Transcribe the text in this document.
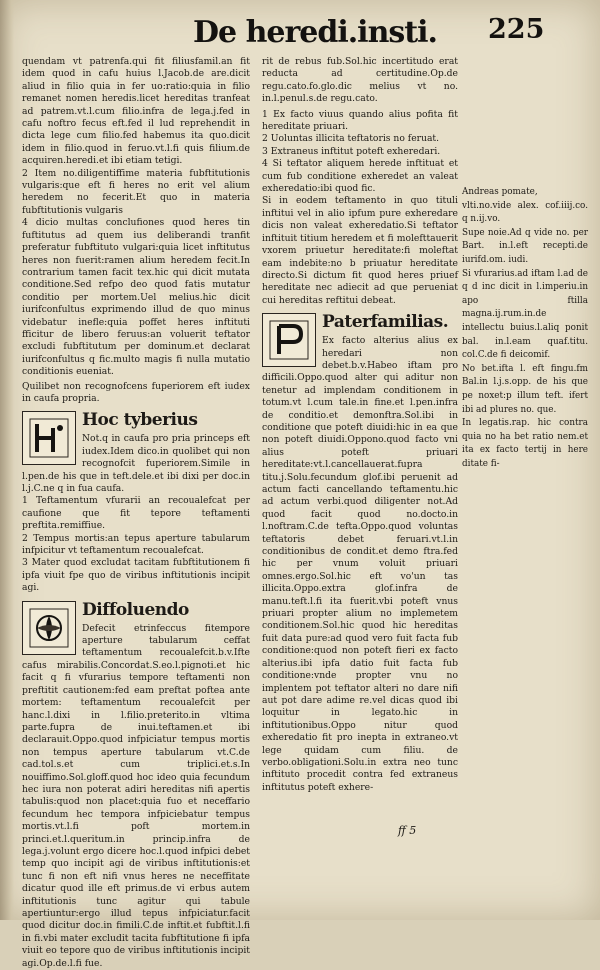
De heredi.insti. 225

quendam vt patrenfa.qui fit filiusfamil.an fit idem quod in cafu huius l.Jacob.de are.dicit aliud in filio quia in fer uo:ratio:quia in filio remanet nomen heredis.licet hereditas tranfeat ad patrem.vt.l.cum filio.infra de lega.j.fed in cafu noftro fecus eft.fed il lud reprehendit in dicta lege cum filio.fed habemus ita quo.dicit idem in filio.quod in feruo.vt.l.fi quis filium.de acquiren.heredi.et ibi etiam tetigi.

2 Item no.diligentiffime materia fubftitutionis vulgaris:que eft fi heres no erit vel alium heredem no fecerit.Et quo in materia fubftitutionis vulgaris

4 dicio multas conclufiones quod heres tin fuftitutus ad quem ius deliberandi tranfit preferatur fubftituto vulgari:quia licet inftitutus heres non fuerit:ramen alium heredem fecit.In contrarium tamen facit tex.hic qui dicit mutata conditione.Sed refpo deo quod fatis mutatur conditio per mortem.Uel melius.hic dicit iurifconfultus exprimendo illud de quo minus videbatur inefle:quia poffet heres inftituti fficitur de libero feruus:an voluerit teftator excludi fubftitutum per dominum.et declarat iurifconfultus q fic.multo magis fi nulla mutatio conditionis eueniat.

Quilibet non recognofcens fuperiorem eft iudex in caufa propria.

Hoc tyberius

Not.q in caufa pro pria princeps eft iudex.Idem dico.in quolibet qui non recognofcit fuperiorem.Simile in l.pen.de his que in teft.dele.et ibi dixi per doc.in l.j.C.ne q in fua caufa.

1 Teftamentum vfurarii an recoualefcat per caufione que fit tepore teftamenti preftita.remiffiue.

2 Tempus mortis:an tepus aperture tabularum infpicitur vt teftamentum recoualefcat.

3 Mater quod excludat tacitam fubftitutionem fi ipfa viuit fpe quo de viribus inftitutionis incipit agi.

Diffoluendo

Defecit etrinfeccus fitempore aperture tabularum ceffat teftamentum recoualefcit.b.v.Ifte cafus mirabilis.Concordat.S.eo.l.pignoti.et hic facit q fi vfurarius tempore teftamenti non preftitit cautionem:fed eam preftat poftea ante mortem: teftamentum recoualefcit per hanc.l.dixi in l.filio.preterito.in vltima parte.fupra de inui.teftamen.et ibi declarauit.Oppo.quod infpiciatur tempus mortis non tempus aperture tabularum vt.C.de cad.tol.s.et cum triplici.et.s.In nouiffimo.Sol.gloff.quod hoc ideo quia fecundum hec iura non poterat adiri hereditas nifi apertis tabulis:quod non placet:quia fuo et neceffario fecundum hec tempora infpiciebatur tempus mortis.vt.l.fi poft mortem.in princi.et.l.queritum.in princip.infra de lega.j.volunt ergo dicere hoc.l.quod infpici debet temp quo incipit agi de viribus inftitutionis:et tunc fi non eft nifi vnus heres ne neceffitate dicatur quod ille eft primus.de vi erbus autem inftitutionis tunc agitur qui tabule apertiuntur:ergo illud tepus infpiciatur.facit quod dicitur doc.in fimili.C.de inftit.et fubftit.l.fi in fi.vbi mater excludit tacita fubftitutione fi ipfa viuit eo tepore quo de viribus inftitutionis incipit agi.Op.de.l.fi fue.

rit de rebus fub.Sol.hic incertitudo erat reducta ad certitudine.Op.de regu.cato.fo.glo.dic melius vt no. in.l.penul.s.de regu.cato.

1 Ex facto viuus quando alius pofita fit hereditate priuari.

2 Uoluntas illicita teftatoris no feruat.

3 Extraneus inftitut poteft exheredari.

4 Si teftator aliquem herede inftituat et cum fub conditione exheredet an valeat exheredatio:ibi quod fic.

Si in eodem teftamento in quo tituli inftitui vel in alio ipfum pure exheredare dicis non valeat exheredatio.Si teftator inftituit titium heredem et fi molefttauerit vxorem priuetur hereditate:fi moleftat eam indebite:no b priuatur hereditate directo.Si dictum fit quod heres priuef hereditate nec adiecit ad que perueniat cui hereditas reftitui debeat.

Paterfamilias.

Ex facto alterius alius ex heredari non debet.b.v.Habeo iftam pro difficili.Oppo.quod alter qui aditur non tenetur ad implendam conditionem in totum.vt l.cum tale.in fine.et l.pen.infra de conditio.et demonftra.Sol.ibi in conditione que poteft diuidi:hic in ea que non poteft diuidi.Oppono.quod facto vni alius poteft priuari hereditate:vt.l.cancellauerat.fupra titu.j.Solu.fecundum glof.ibi peruenit ad actum facti cancellando teftamentu.hic ad actum verbi.quod diligenter not.Ad quod facit quod no.docto.in l.noftram.C.de tefta.Oppo.quod voluntas teftatoris debet feruari.vt.l.in conditionibus de condit.et demo ftra.fed hic per vnum voluit priuari omnes.ergo.Sol.hic eft vo'un tas illicita.Oppo.extra glof.infra de manu.teft.l.fi ita fuerit.vbi poteft vnus priuari propter alium no implemetem conditionem.Sol.hic quod hic hereditas fuit data pure:ad quod vero fuit facta fub conditione:quod non poteft fieri ex facto alterius.ibi ipfa datio fuit facta fub conditione:vnde propter vnu no implentem pot teftator alteri no dare nifi aut pot dare adime re.vel dicas quod ibi loquitur in legato.hic in inftitutionibus.Oppo nitur quod exheredatio fit pro inepta in extraneo.vt lege quidam cum filiu. de verbo.obligationi.Solu.in extra neo tunc inftituto procedit contra fed extraneus inftitutus poteft exhere-

Andreas pomate,

vlti.no.vide alex. cof.iiij.co. q n.ij.vo.

Supe noie.Ad q vide no. per Bart. in.l.eft recepti.de iurifd.om. iudi.

Si vfurarius.ad iftam l.ad de q d inc dicit in l.imperiu.in apo ftilla magna.ij.rum.in.de intellectu buius.l.aliq ponit bal. in.l.eam quaf.titu. col.C.de fi deicomif.

No bet.ifta l. eft fingu.fm Bal.in l.j.s.opp. de his que pe noxet:p illum teft. ifert ibi ad plures no. que.

In legatis.rap. hic contra quia no ha bet ratio nem.et ita ex facto tertij in here ditate fi-

ff 5
